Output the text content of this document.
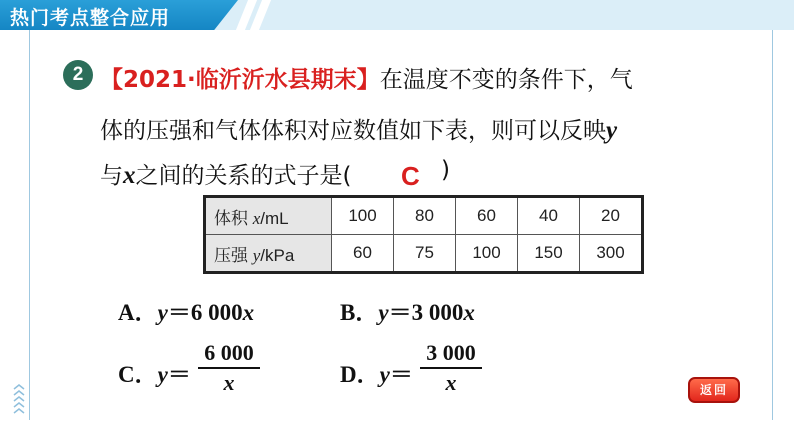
热门考点整合应用
2 【2021·临沂沂水县期末】在温度不变的条件下，气
体的压强和气体体积对应数值如下表，则可以反映y
与x之间的关系的式子是( C )
体积 x/mL	100	80	60	40	20
压强 y/kPa	60	75	100	150	300
A．y＝6 000x	B．y＝3 000x
C．y＝
6 000
x	D．y＝
3 000
x	返回
